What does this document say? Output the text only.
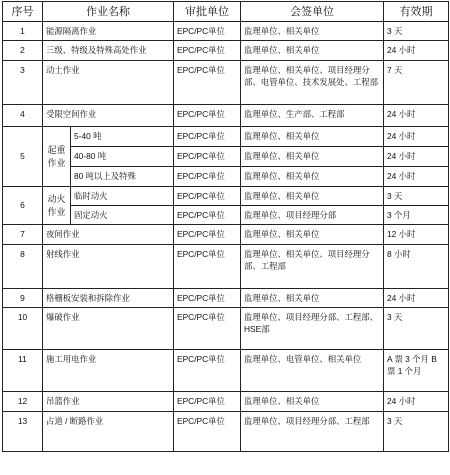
序号	作业名称		审批单位	会签单位	有效期
1	能源隔离作业		EPC/PC单位	监理单位、相关单位	3 天
2	三级、特级及特殊高处作业		EPC/PC单位	监理单位、相关单位	24 小时
3	动土作业		EPC/PC单位	监理单位、相关单位、项目经理分部、电管单位、技术发展处、工程部	7 天
4	受限空间作业		EPC/PC单位	监理单位、生产部、工程部	24 小时
5	起重作业	5-40 吨	EPC/PC单位	监理单位、相关单位	24 小时
		40-80 吨	EPC/PC单位	监理单位、相关单位	24 小时
		80 吨以上及特殊	EPC/PC单位	监理单位、相关单位	24 小时
6	动火作业	临时动火	EPC/PC单位	监理单位、相关单位	3 天
		固定动火	EPC/PC单位	监理单位、项目经理分部	3 个月
7	夜间作业		EPC/PC单位	监理单位、相关单位	12 小时
8	射线作业		EPC/PC单位	监理单位、相关单位、项目经理分部、工程部	8 小时
9	格栅板安装和拆除作业		EPC/PC单位	监理单位、相关单位	24 小时
10	爆破作业		EPC/PC单位	监理单位、项目经理分部、工程部、 HSE部	3 天
11	施工用电作业		EPC/PC单位	监理单位、电管单位、相关单位	A 票 3 个月 B 票 1 个月
12	吊篮作业		EPC/PC单位	监理单位、相关单位	24 小时
13	占道 / 断路作业		EPC/PC单位	监理单位、项目经理分部、工程部	3 天
